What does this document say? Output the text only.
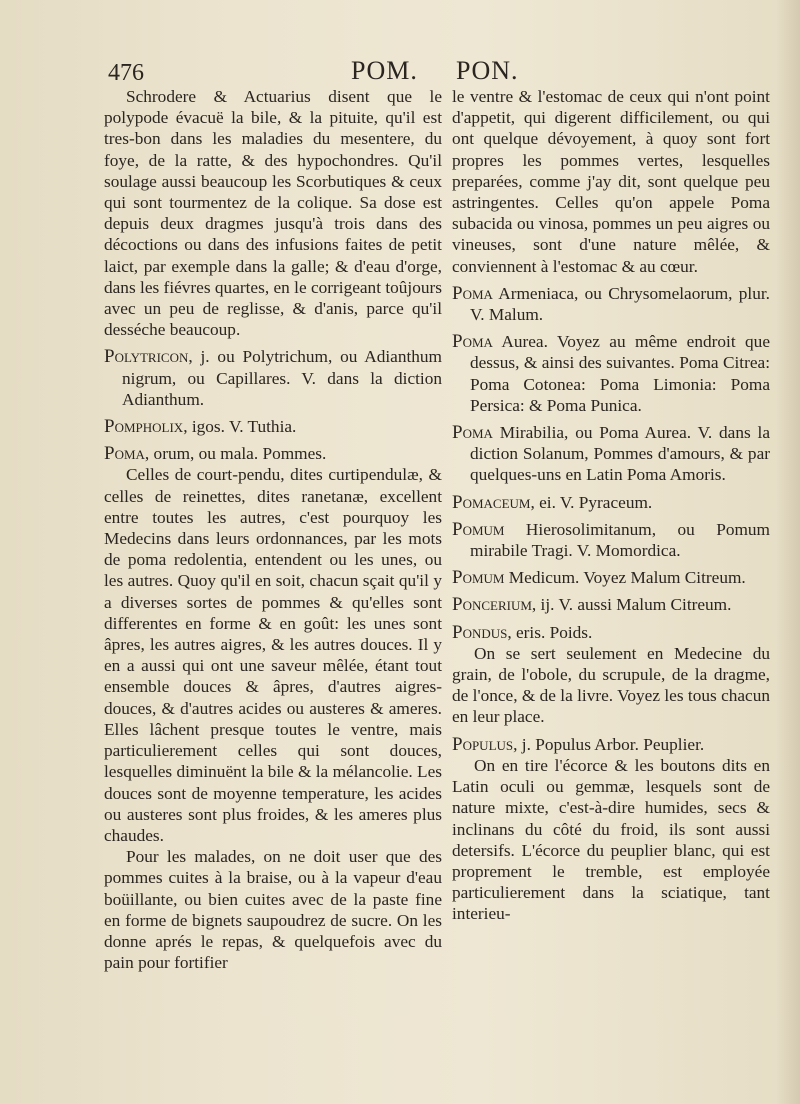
476	POM. PON.

Schrodere & Actuarius disent que le polypode évacuë la bile, & la pituite, qu'il est tres-bon dans les maladies du mesentere, du foye, de la ratte, & des hypochondres. Qu'il soulage aussi beaucoup les Scorbutiques & ceux qui sont tourmentez de la colique. Sa dose est depuis deux dragmes jusqu'à trois dans des décoctions ou dans des infusions faites de petit laict, par exemple dans la galle; & d'eau d'orge, dans les fiévres quartes, en le corrigeant toûjours avec un peu de reglisse, & d'anis, parce qu'il desséche beaucoup.

Polytricon, j. ou Polytrichum, ou Adianthum nigrum, ou Capillares. V. dans la diction Adianthum.

Pompholix, igos. V. Tuthia.

Poma, orum, ou mala. Pommes.

Celles de court-pendu, dites curtipendulæ, & celles de reinettes, dites ranetanæ, excellent entre toutes les autres, c'est pourquoy les Medecins dans leurs ordonnances, par les mots de poma redolentia, entendent ou les unes, ou les autres. Quoy qu'il en soit, chacun sçait qu'il y a diverses sortes de pommes & qu'elles sont differentes en forme & en goût: les unes sont âpres, les autres aigres, & les autres douces. Il y en a aussi qui ont une saveur mêlée, étant tout ensemble douces & âpres, d'autres aigres-douces, & d'autres acides ou austeres & ameres. Elles lâchent presque toutes le ventre, mais particulierement celles qui sont douces, lesquelles diminuënt la bile & la mélancolie. Les douces sont de moyenne temperature, les acides ou austeres sont plus froides, & les ameres plus chaudes.

Pour les malades, on ne doit user que des pommes cuites à la braise, ou à la vapeur d'eau boüillante, ou bien cuites avec de la paste fine en forme de bignets saupoudrez de sucre. On les donne aprés le repas, & quelquefois avec du pain pour fortifier

le ventre & l'estomac de ceux qui n'ont point d'appetit, qui digerent difficilement, ou qui ont quelque dévoyement, à quoy sont fort propres les pommes vertes, lesquelles preparées, comme j'ay dit, sont quelque peu astringentes. Celles qu'on appele Poma subacida ou vinosa, pommes un peu aigres ou vineuses, sont d'une nature mêlée, & conviennent à l'estomac & au cœur.

Poma Armeniaca, ou Chrysomelaorum, plur. V. Malum.

Poma Aurea. Voyez au même endroit que dessus, & ainsi des suivantes. Poma Citrea: Poma Cotonea: Poma Limonia: Poma Persica: & Poma Punica.

Poma Mirabilia, ou Poma Aurea. V. dans la diction Solanum, Pommes d'amours, & par quelques-uns en Latin Poma Amoris.

Pomaceum, ei. V. Pyraceum.

Pomum Hierosolimitanum, ou Pomum mirabile Tragi. V. Momordica.

Pomum Medicum. Voyez Malum Citreum.

Poncerium, ij. V. aussi Malum Citreum.

Pondus, eris. Poids.

On se sert seulement en Medecine du grain, de l'obole, du scrupule, de la dragme, de l'once, & de la livre. Voyez les tous chacun en leur place.

Populus, j. Populus Arbor. Peuplier.

On en tire l'écorce & les boutons dits en Latin oculi ou gemmæ, lesquels sont de nature mixte, c'est-à-dire humides, secs & inclinans du côté du froid, ils sont aussi detersifs. L'écorce du peuplier blanc, qui est proprement le tremble, est employée particulierement dans la sciatique, tant interieu-
